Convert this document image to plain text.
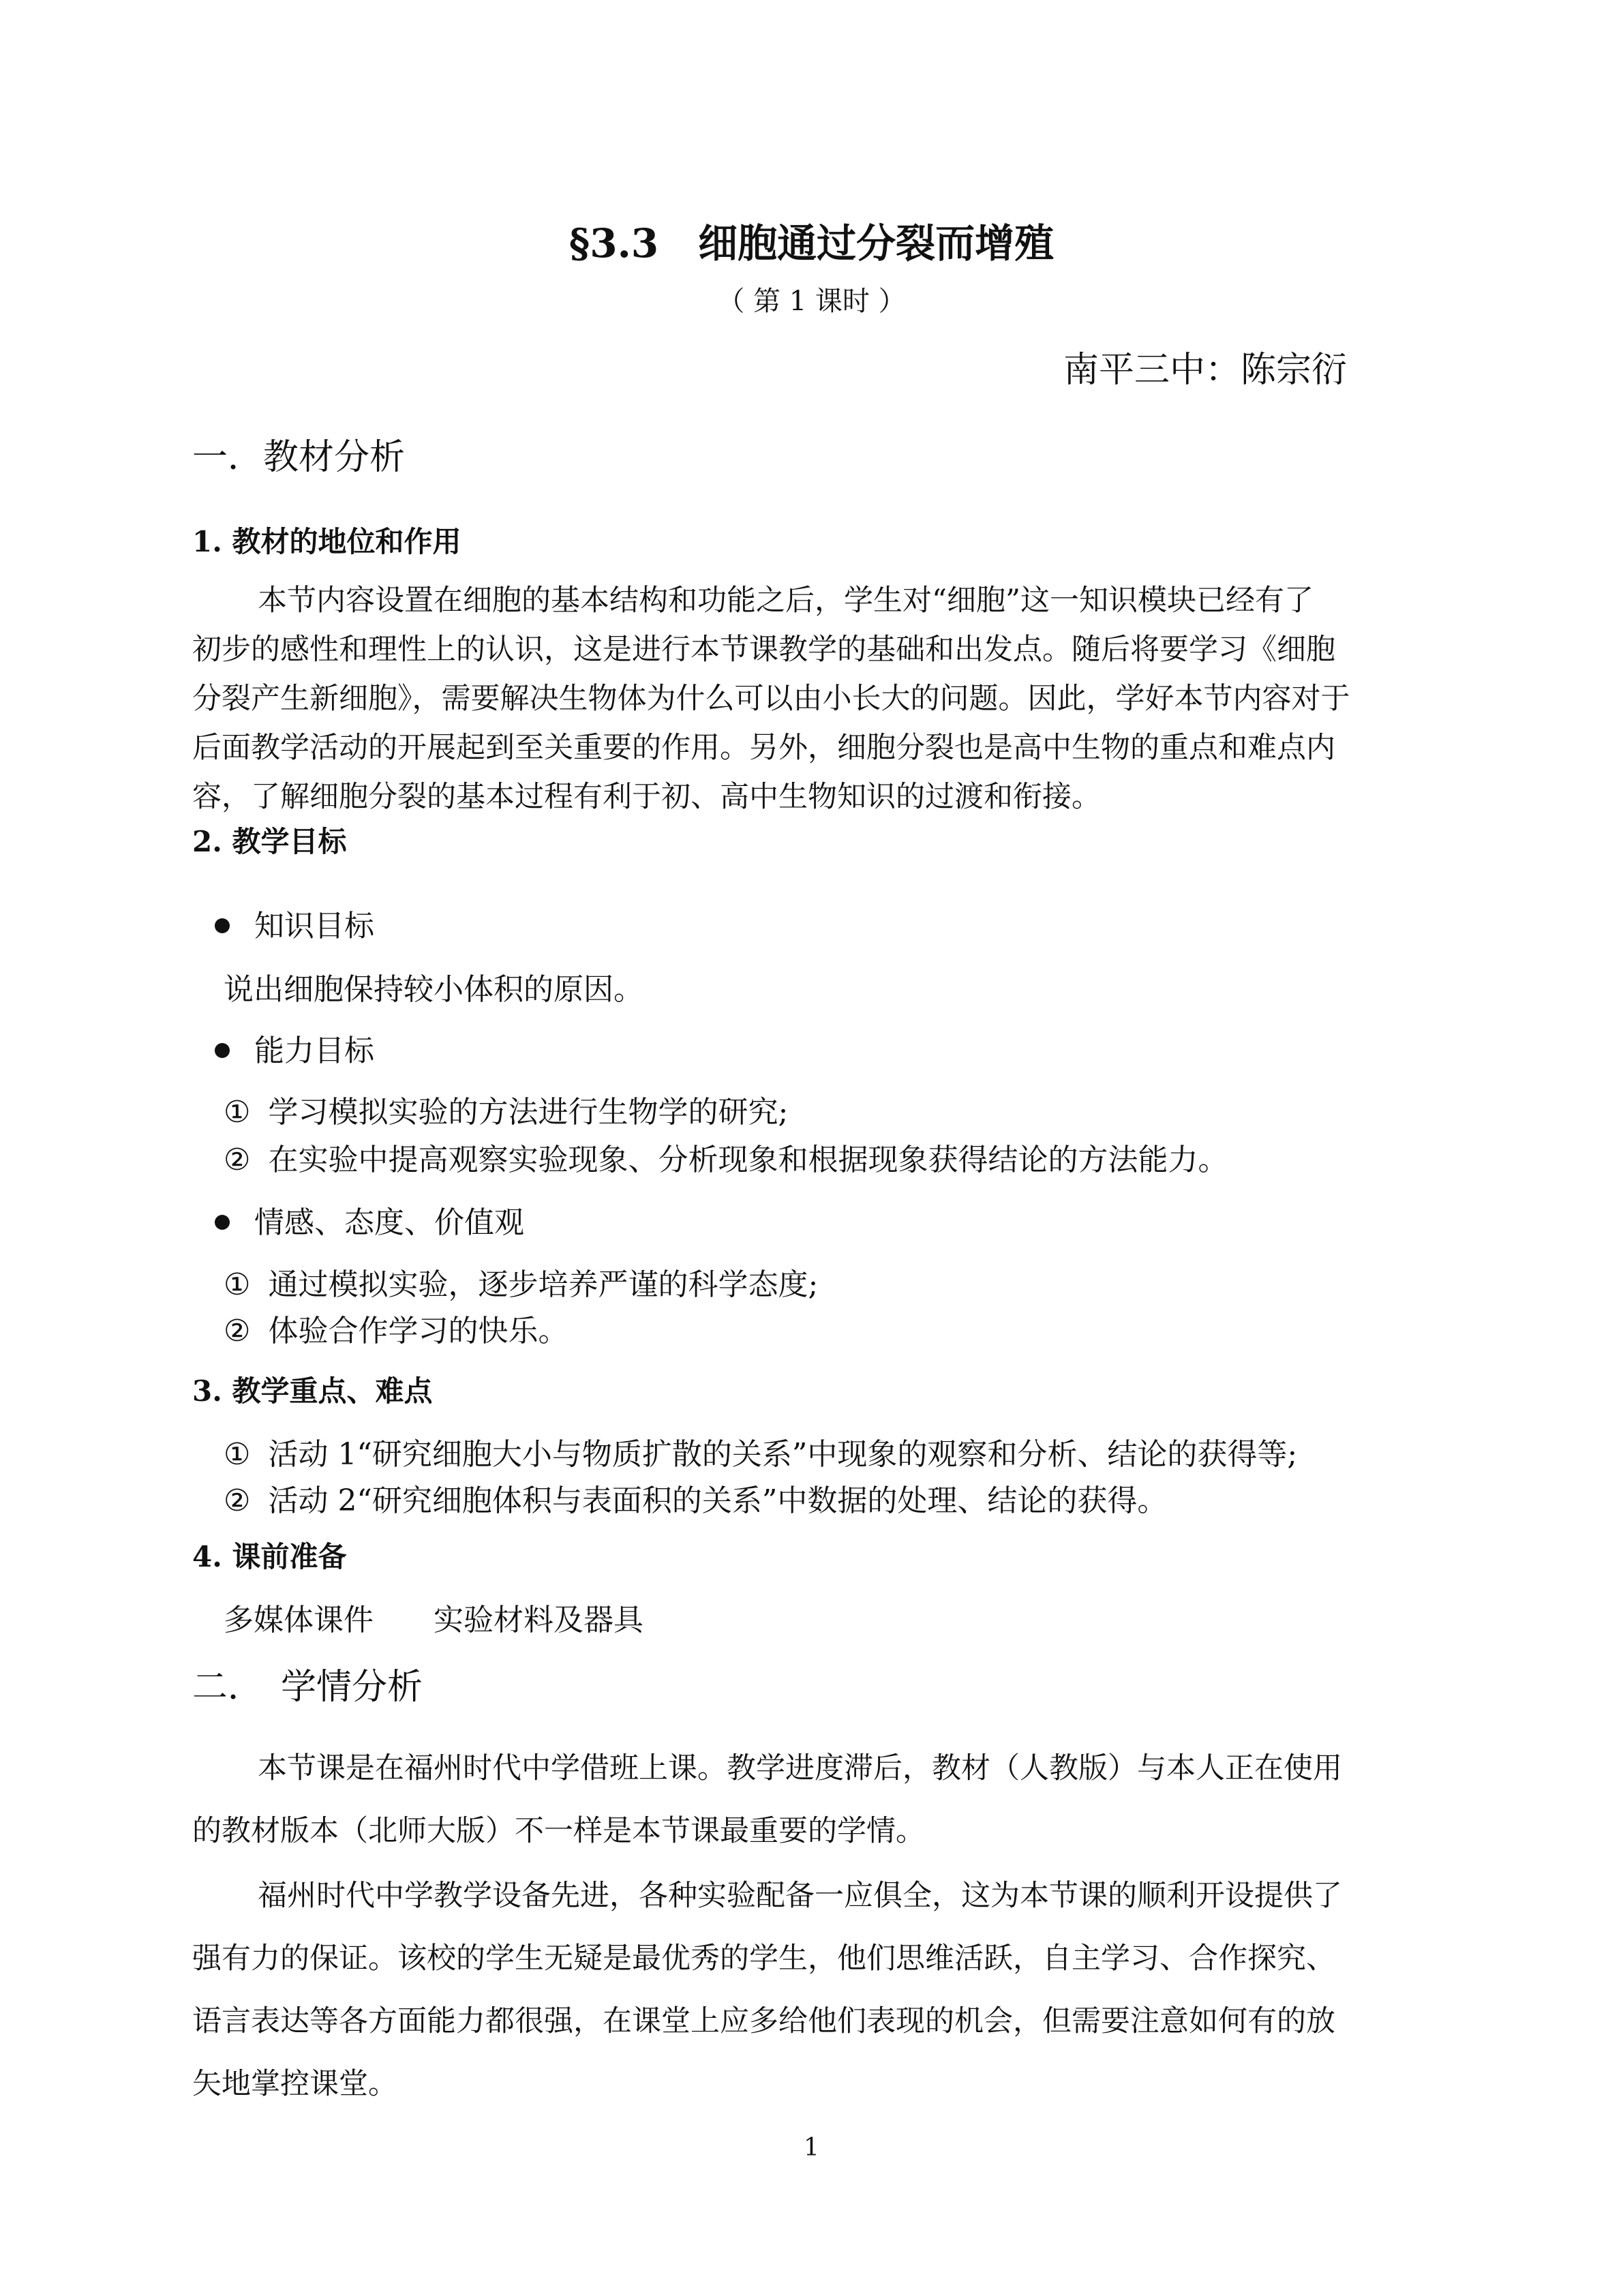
§3.3　细胞通过分裂而增殖
（ 第 1 课时 ）
南平三中：陈宗衍
一．教材分析
1. 教材的地位和作用
本节内容设置在细胞的基本结构和功能之后，学生对“细胞”这一知识模块已经有了
初步的感性和理性上的认识，这是进行本节课教学的基础和出发点。随后将要学习《细胞
分裂产生新细胞》，需要解决生物体为什么可以由小长大的问题。因此，学好本节内容对于
后面教学活动的开展起到至关重要的作用。另外，细胞分裂也是高中生物的重点和难点内
容，了解细胞分裂的基本过程有利于初、高中生物知识的过渡和衔接。
2. 教学目标
知识目标
说出细胞保持较小体积的原因。
能力目标
① 学习模拟实验的方法进行生物学的研究;
② 在实验中提高观察实验现象、分析现象和根据现象获得结论的方法能力。
情感、态度、价值观
① 通过模拟实验，逐步培养严谨的科学态度;
② 体验合作学习的快乐。
3. 教学重点、难点
① 活动 1“研究细胞大小与物质扩散的关系”中现象的观察和分析、结论的获得等;
② 活动 2“研究细胞体积与表面积的关系”中数据的处理、结论的获得。
4. 课前准备
多媒体课件　　实验材料及器具
二．　学情分析
本节课是在福州时代中学借班上课。教学进度滞后，教材（人教版）与本人正在使用
的教材版本（北师大版）不一样是本节课最重要的学情。
福州时代中学教学设备先进，各种实验配备一应俱全，这为本节课的顺利开设提供了
强有力的保证。该校的学生无疑是最优秀的学生，他们思维活跃，自主学习、合作探究、
语言表达等各方面能力都很强，在课堂上应多给他们表现的机会，但需要注意如何有的放
矢地掌控课堂。
1
